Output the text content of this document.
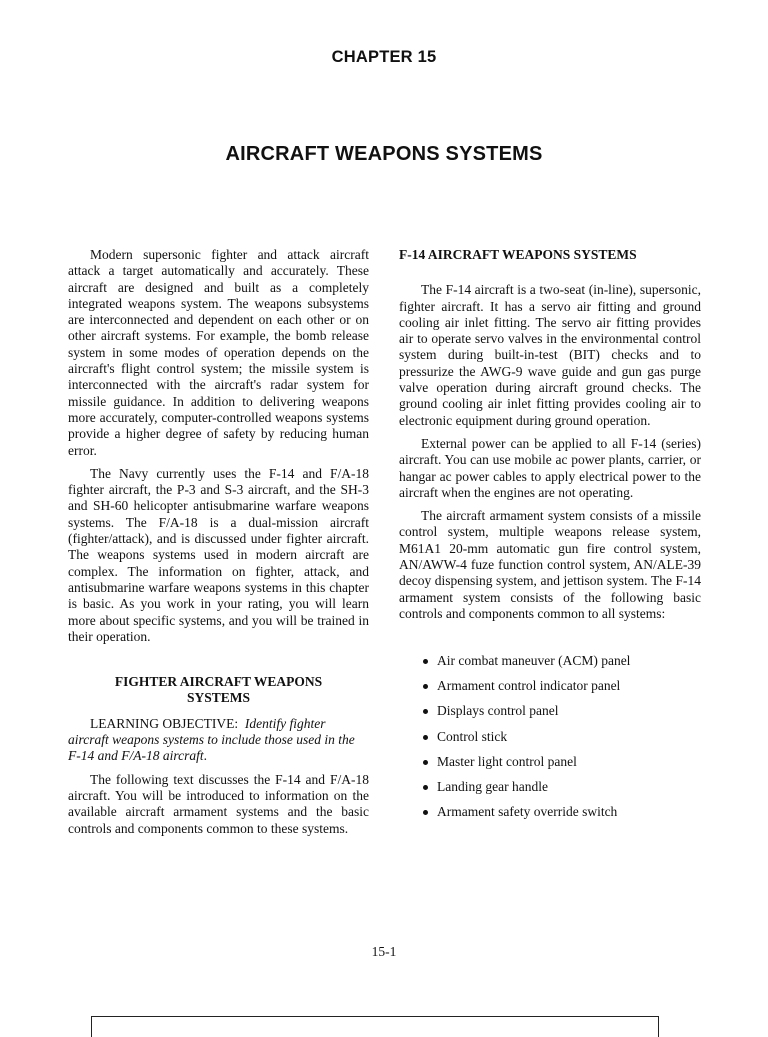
CHAPTER 15
AIRCRAFT WEAPONS SYSTEMS

Modern supersonic fighter and attack aircraft attack a target automatically and accurately. These aircraft are designed and built as a completely integrated weapons system. The weapons subsystems are interconnected and dependent on each other or on other aircraft systems. For example, the bomb release system in some modes of operation depends on the aircraft's flight control system; the missile system is interconnected with the aircraft's radar system for missile guidance. In addition to delivering weapons more accurately, computer-controlled weapons systems provide a higher degree of safety by reducing human error.

The Navy currently uses the F-14 and F/A-18 fighter aircraft, the P-3 and S-3 aircraft, and the SH-3 and SH-60 helicopter antisubmarine warfare weapons systems. The F/A-18 is a dual-mission aircraft (fighter/attack), and is discussed under fighter aircraft. The weapons systems used in modern aircraft are complex. The information on fighter, attack, and antisubmarine warfare weapons systems in this chapter is basic. As you work in your rating, you will learn more about specific systems, and you will be trained in their operation.

FIGHTER AIRCRAFT WEAPONS
SYSTEMS
LEARNING OBJECTIVE: Identify fighter aircraft weapons systems to include those used in the F-14 and F/A-18 aircraft.

The following text discusses the F-14 and F/A-18 aircraft. You will be introduced to information on the available aircraft armament systems and the basic controls and components common to these systems.

F-14 AIRCRAFT WEAPONS SYSTEMS

The F-14 aircraft is a two-seat (in-line), supersonic, fighter aircraft. It has a servo air fitting and ground cooling air inlet fitting. The servo air fitting provides air to operate servo valves in the environmental control system during built-in-test (BIT) checks and to pressurize the AWG-9 wave guide and gun gas purge valve operation during aircraft ground checks. The ground cooling air inlet fitting provides cooling air to electronic equipment during ground operation.

External power can be applied to all F-14 (series) aircraft. You can use mobile ac power plants, carrier, or hangar ac power cables to apply electrical power to the aircraft when the engines are not operating.

The aircraft armament system consists of a missile control system, multiple weapons release system, M61A1 20-mm automatic gun fire control system, AN/AWW-4 fuze function control system, AN/ALE-39 decoy dispensing system, and jettison system. The F-14 armament system consists of the following basic controls and components common to all systems:

Air combat maneuver (ACM) panel
Armament control indicator panel
Displays control panel
Control stick
Master light control panel
Landing gear handle
Armament safety override switch
15-1
